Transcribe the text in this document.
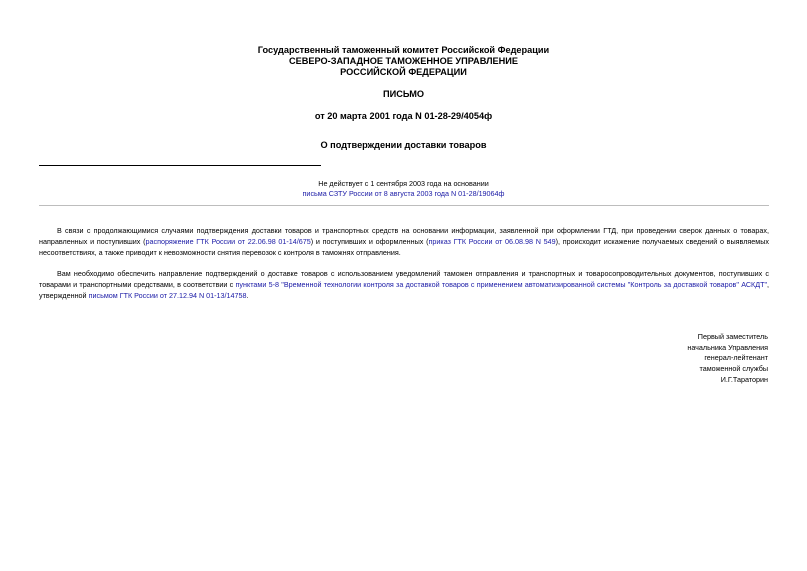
Государственный таможенный комитет Российской Федерации
СЕВЕРО-ЗАПАДНОЕ ТАМОЖЕННОЕ УПРАВЛЕНИЕ
РОССИЙСКОЙ ФЕДЕРАЦИИ
ПИСЬМО
от 20 марта 2001 года N 01-28-29/4054ф
О подтверждении доставки товаров
Не действует с 1 сентября 2003 года на основании
письма СЗТУ России от 8 августа 2003 года N 01-28/19064ф
В связи с продолжающимися случаями подтверждения доставки товаров и транспортных средств на основании информации, заявленной при оформлении ГТД, при проведении сверок данных о товарах, направленных и поступивших (распоряжение ГТК России от 22.06.98 01-14/675) и поступивших и оформленных (приказ ГТК России от 06.08.98 N 549), происходит искажение получаемых сведений о выявляемых несоответствиях, а также приводит к невозможности снятия перевозок с контроля в таможнях отправления.
Вам необходимо обеспечить направление подтверждений о доставке товаров с использованием уведомлений таможен отправления и транспортных и товаросопроводительных документов, поступивших с товарами и транспортными средствами, в соответствии с пунктами 5-8 "Временной технологии контроля за доставкой товаров с применением автоматизированной системы "Контроль за доставкой товаров" АСКДТ", утвержденной письмом ГТК России от 27.12.94 N 01-13/14758.
Первый заместитель
начальника Управления
генерал-лейтенант
таможенной службы
И.Г.Тараторин
